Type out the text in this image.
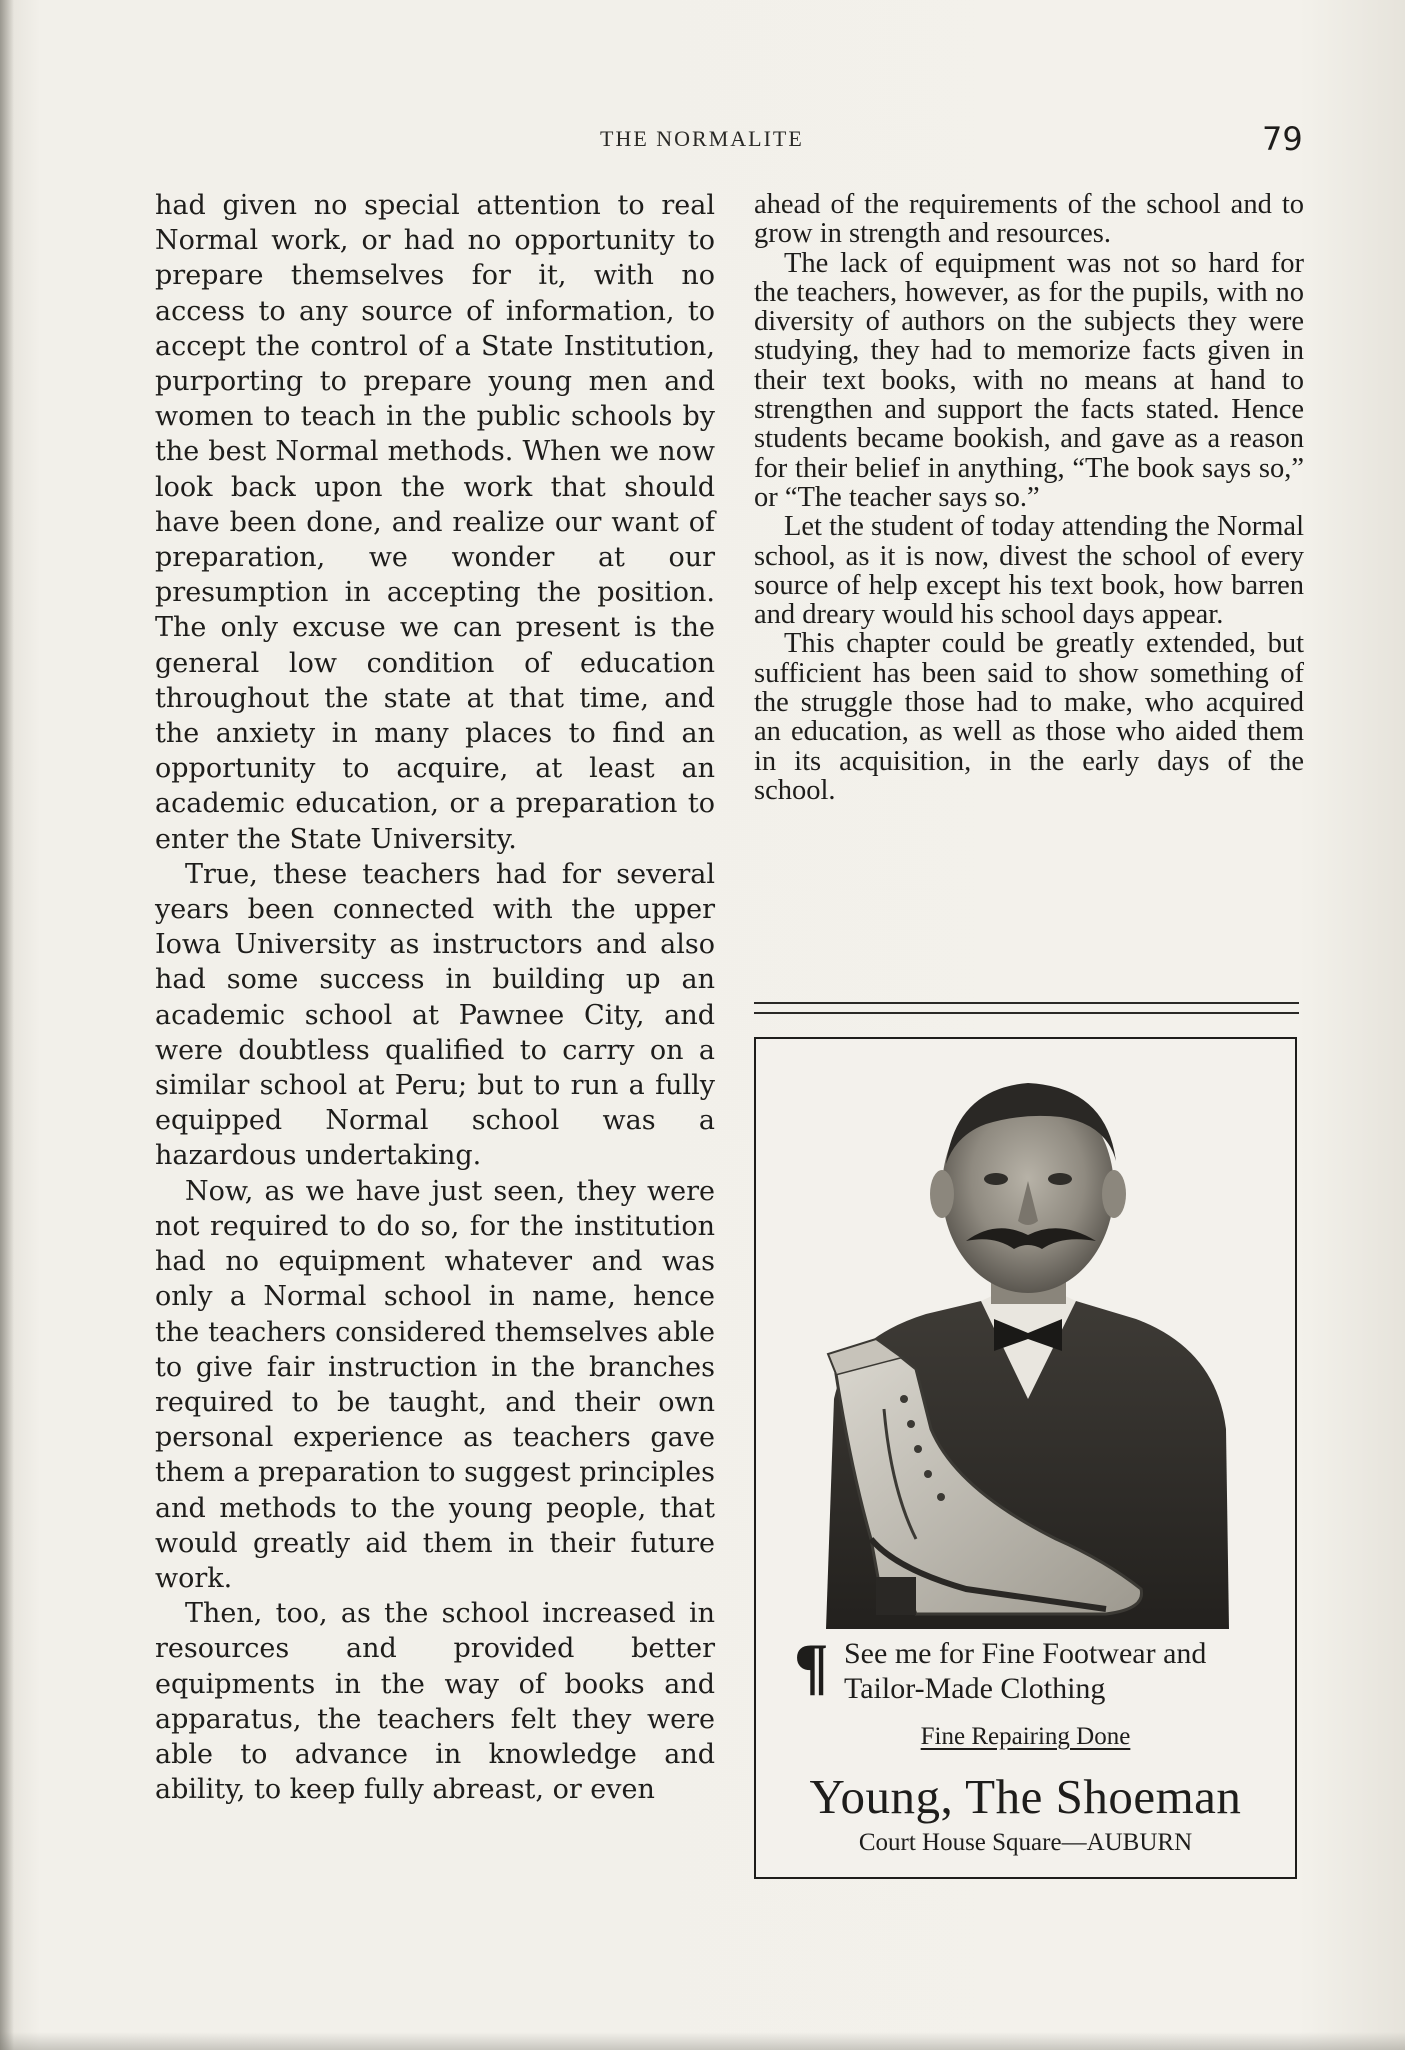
THE NORMALITE	79

had given no special attention to real Normal work, or had no opportunity to prepare themselves for it, with no access to any source of information, to accept the control of a State Institution, purporting to prepare young men and women to teach in the public schools by the best Normal methods. When we now look back upon the work that should have been done, and realize our want of preparation, we wonder at our presumption in accepting the position. The only excuse we can present is the general low condition of education throughout the state at that time, and the anxiety in many places to find an opportunity to acquire, at least an academic education, or a preparation to enter the State University.

True, these teachers had for several years been connected with the upper Iowa University as instructors and also had some success in building up an academic school at Pawnee City, and were doubtless qualified to carry on a similar school at Peru; but to run a fully equipped Normal school was a hazardous undertaking.

Now, as we have just seen, they were not required to do so, for the institution had no equipment whatever and was only a Normal school in name, hence the teachers considered themselves able to give fair instruction in the branches required to be taught, and their own personal experience as teachers gave them a preparation to suggest principles and methods to the young people, that would greatly aid them in their future work.

Then, too, as the school increased in resources and provided better equipments in the way of books and apparatus, the teachers felt they were able to advance in knowledge and ability, to keep fully abreast, or even

ahead of the requirements of the school and to grow in strength and resources.

The lack of equipment was not so hard for the teachers, however, as for the pupils, with no diversity of authors on the subjects they were studying, they had to memorize facts given in their text books, with no means at hand to strengthen and support the facts stated. Hence students became bookish, and gave as a reason for their belief in anything, “The book says so,” or “The teacher says so.”

Let the student of today attending the Normal school, as it is now, divest the school of every source of help except his text book, how barren and dreary would his school days appear.

This chapter could be greatly extended, but sufficient has been said to show something of the struggle those had to make, who acquired an education, as well as those who aided them in its acquisition, in the early days of the school.

¶ See me for Fine Footwear and
Tailor-Made Clothing
Fine Repairing Done
Young, The Shoeman
Court House Square—AUBURN
